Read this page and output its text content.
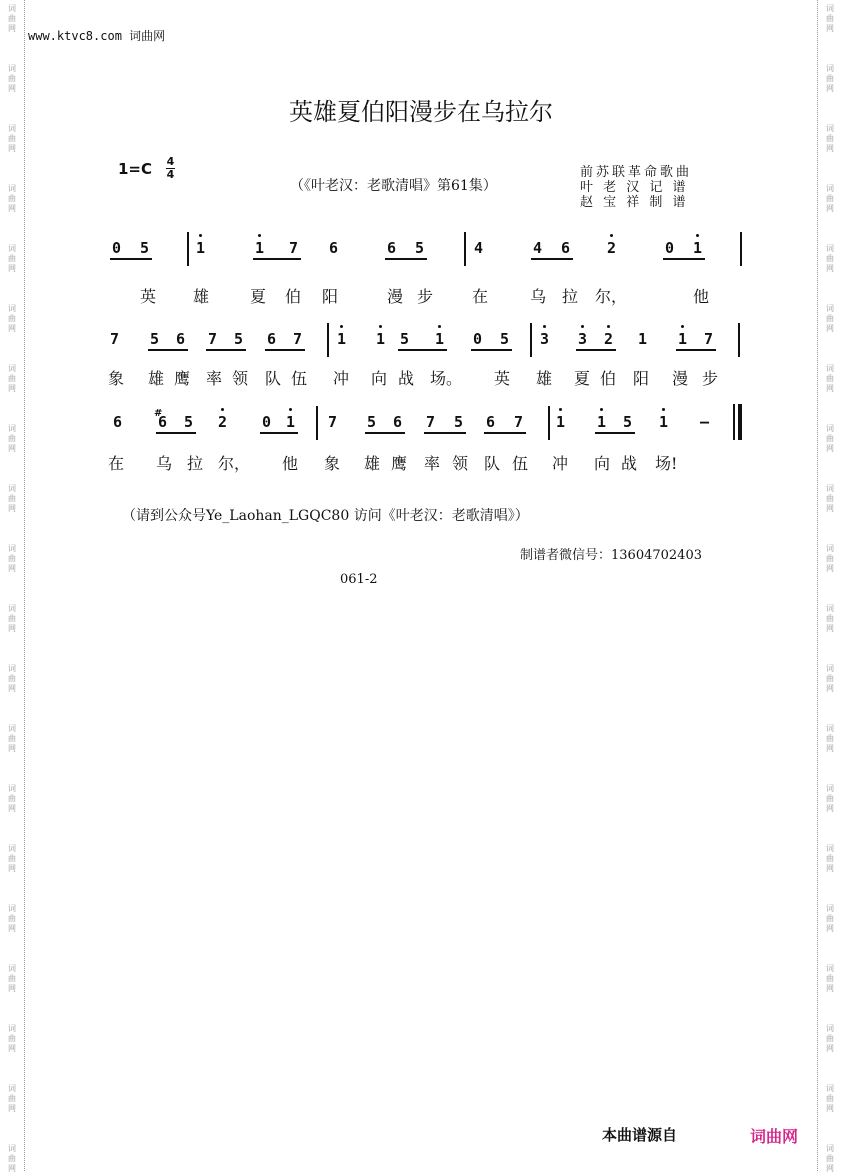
词
曲
网
词
曲
网
词
曲
网
词
曲
网
词
曲
网
词
曲
网
词
曲
网
词
曲
网
词
曲
网
词
曲
网
词
曲
网
词
曲
网
词
曲
网
词
曲
网
词
曲
网
词
曲
网
词
曲
网
词
曲
网
词
曲
网
词
曲
网
词
曲
网
词
曲
网
词
曲
网
词
曲
网
词
曲
网
词
曲
网
词
曲
网
词
曲
网
词
曲
网
词
曲
网
词
曲
网
词
曲
网
词
曲
网
词
曲
网
词
曲
网
词
曲
网
词
曲
网
词
曲
网
词
曲
网
词
曲
网
www.ktvc8.com 词曲网
英雄夏伯阳漫步在乌拉尔
1=C 4
4
（《叶老汉：老歌清唱》第61集）
前苏联革命歌曲
叶 老 汉 记 谱
赵 宝 祥 制 谱
0 5	1	1 7 6	6 5	4	4 6 2	0 1
英 雄	夏 伯 阳	漫 步 在	乌 拉 尔，	他
7 5 6 7 5 6 7 1 1 5 1 0 5 3 3 2 1 1 7
象 雄 鹰 率 领 队 伍 冲 向 战 场。 英 雄 夏 伯 阳 漫 步
6	#
6 5 2 0 1 7 5 6 7 5 6 7 1 1 5 1 –
在 乌 拉 尔， 他 象 雄 鹰 率 领 队 伍 冲 向 战 场!
（请到公众号Ye_Laohan_LGQC80 访问《叶老汉：老歌清唱》）
制谱者微信号：13604702403
061-2
本曲谱源自	词曲网
